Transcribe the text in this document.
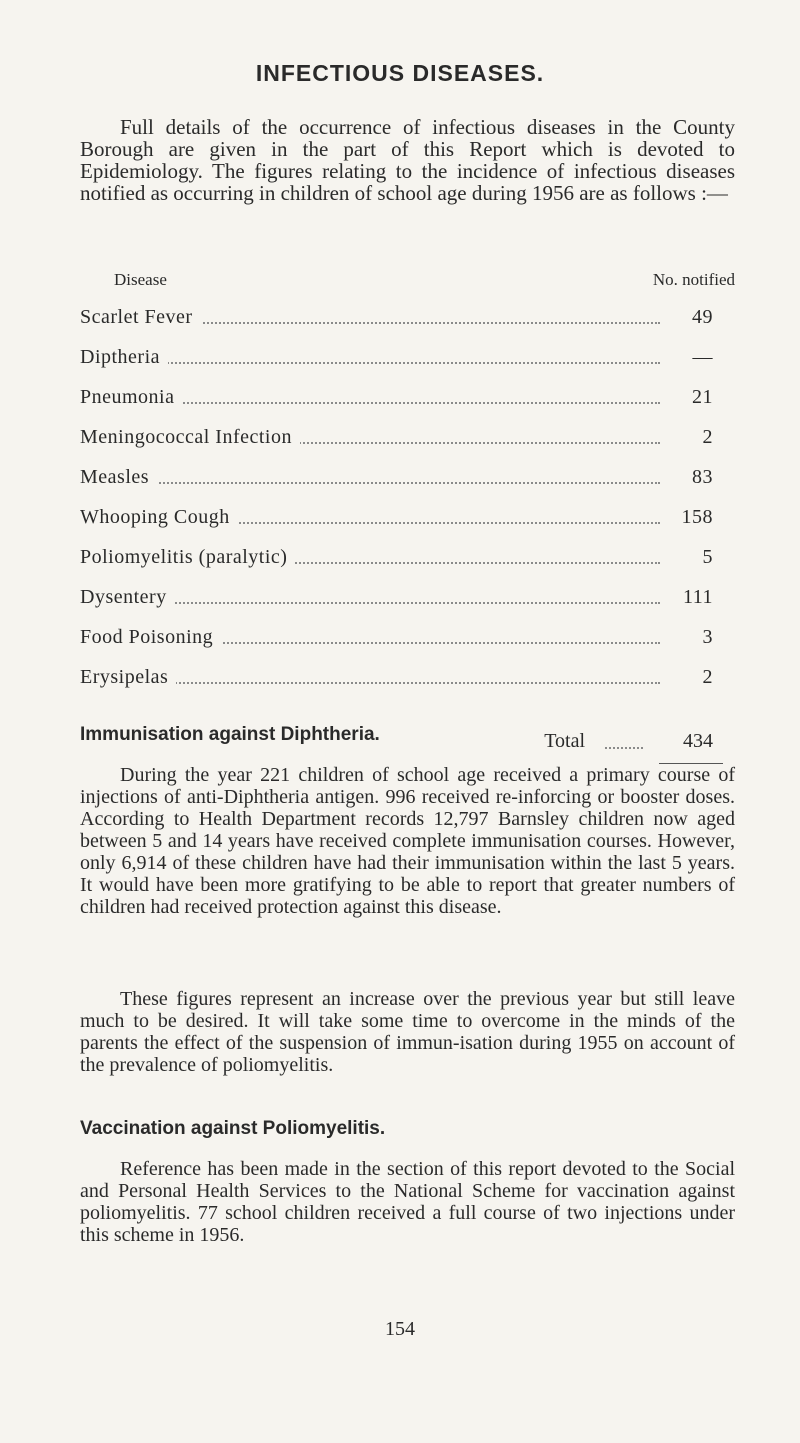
INFECTIOUS DISEASES.

Full details of the occurrence of infectious diseases in the County Borough are given in the part of this Report which is devoted to Epidemiology. The figures relating to the incidence of infectious diseases notified as occurring in children of school age during 1956 are as follows :—

Disease	No. notified
Scarlet Fever	49
Diptheria	—
Pneumonia	21
Meningococcal Infection	2
Measles	83
Whooping Cough	158
Poliomyelitis (paralytic)	5
Dysentery	111
Food Poisoning	3
Erysipelas	2
Total	434
Immunisation against Diphtheria.

During the year 221 children of school age received a primary course of injections of anti-Diphtheria antigen. 996 received re-inforcing or booster doses. According to Health Department records 12,797 Barnsley children now aged between 5 and 14 years have received complete immunisation courses. However, only 6,914 of these children have had their immunisation within the last 5 years. It would have been more gratifying to be able to report that greater numbers of children had received protection against this disease.

These figures represent an increase over the previous year but still leave much to be desired. It will take some time to overcome in the minds of the parents the effect of the suspension of immun-isation during 1955 on account of the prevalence of poliomyelitis.

Vaccination against Poliomyelitis.

Reference has been made in the section of this report devoted to the Social and Personal Health Services to the National Scheme for vaccination against poliomyelitis. 77 school children received a full course of two injections under this scheme in 1956.

154
